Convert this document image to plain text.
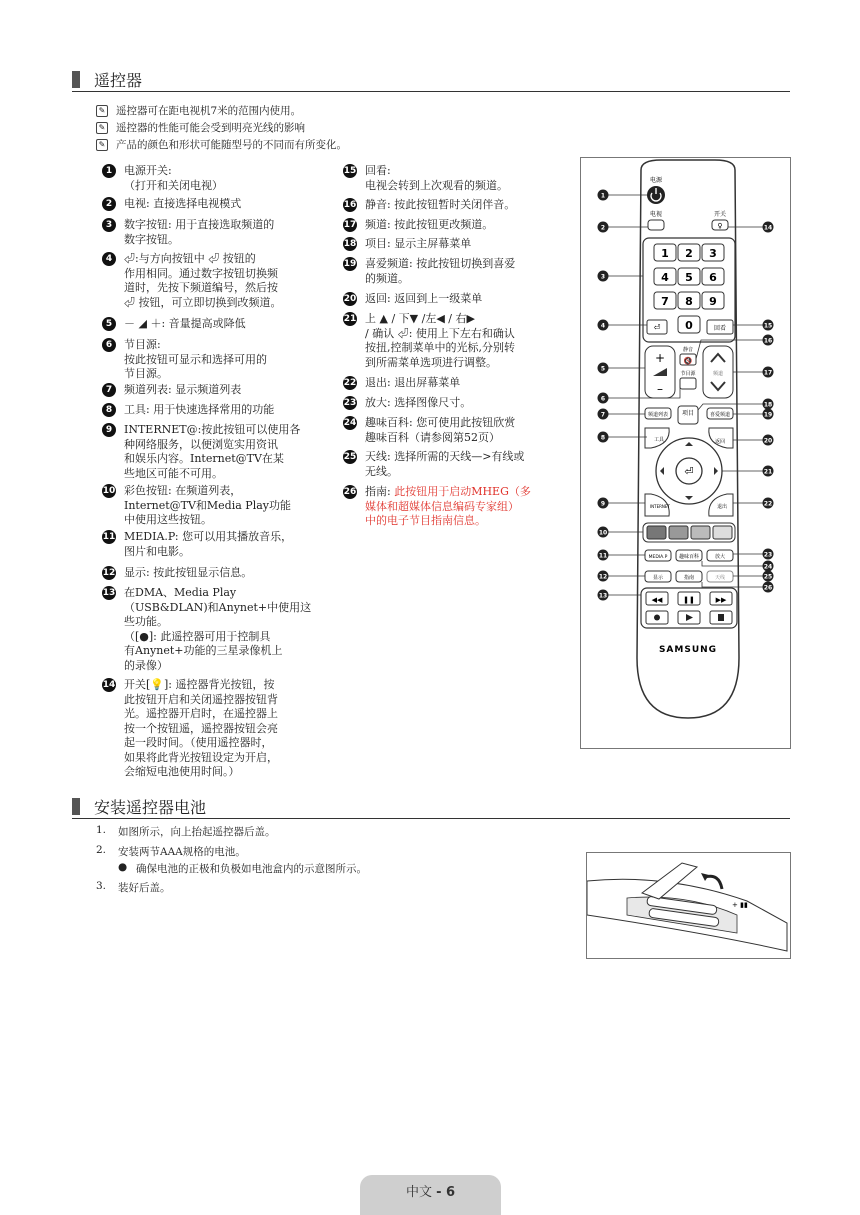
遥控器
✎ 遥控器可在距电视机7米的范围内使用。
✎ 遥控器的性能可能会受到明亮光线的影响
✎ 产品的颜色和形状可能随型号的不同而有所变化。
1	电源开关:
（打开和关闭电视）
2	电视: 直接选择电视模式
3	数字按钮: 用于直接选取频道的
数字按钮。
4	⏎:与方向按钮中 ⏎ 按钮的
作用相同。通过数字按钮切换频
道时，先按下频道编号，然后按
⏎ 按钮，可立即切换到改频道。
5	－ ◢ ＋: 音量提高或降低
6	节目源:
按此按钮可显示和选择可用的
节目源。
7	频道列表: 显示频道列表
8	工具: 用于快速选择常用的功能
9	INTERNET@:按此按钮可以使用各
种网络服务，以便浏览实用资讯
和娱乐内容。Internet@TV在某
些地区可能不可用。
10 彩色按钮: 在频道列表，
Internet@TV和Media Play功能
中使用这些按钮。
11 MEDIA.P: 您可以用其播放音乐，
图片和电影。
12 显示: 按此按钮显示信息。
13 在DMA、Media Play
（USB&DLAN)和Anynet+中使用这
些功能。
（[●]: 此遥控器可用于控制具
有Anynet+功能的三星录像机上
的录像）
14 开关[💡]: 遥控器背光按钮，按
此按钮开启和关闭遥控器按钮背
光。遥控器开启时，在遥控器上
按一个按钮遥，遥控器按钮会亮
起一段时间。（使用遥控器时，
如果将此背光按钮设定为开启，
会缩短电池使用时间。）
15 回看:
电视会转到上次观看的频道。
16 静音: 按此按钮暂时关闭伴音。
17 频道: 按此按钮更改频道。
18 项目: 显示主屏幕菜单
19 喜爱频道: 按此按钮切换到喜爱
的频道。
20 返回: 返回到上一级菜单
21 上 ▲ / 下▼ /左◀ / 右▶
/ 确认 ⏎: 使用上下左右和确认
按扭,控制菜单中的光标,分别转
到所需菜单选项进行调整。
22 退出: 退出屏幕菜单
23 放大: 选择图像尺寸。
24 趣味百科: 您可使用此按钮欣赏
趣味百科（请参阅第52页）
25 天线: 选择所需的天线—>有线或
无线。
26 指南: 此按钮用于启动MHEG（多
媒体和超媒体信息编码专家组）
中的电子节目指南信息。
电源
电视	开关
♀
1 2 3
4 5 6
7 8 9
0
⏎	回看
+
–
静音
🔇
节目源	频道
频道列表 项目	喜爱频道
工具	返回
⏎
INTERNET	退出
MEDIA.P 趣味百科	放大
显示	指南	天线
◀◀	❚❚	▶▶
SAMSUNG
1
2
3
4
5
6
7
8
9
10
11
12
13
14
15
16
17
18
19
20
21
22
23
24
25
26
安装遥控器电池
1.	如图所示，向上抬起遥控器后盖。
2.	安装两节AAA规格的电池。
● 确保电池的正极和负极如电池盒内的示意图所示。
3.	装好后盖。
+ ▮▮
中文 - 6
